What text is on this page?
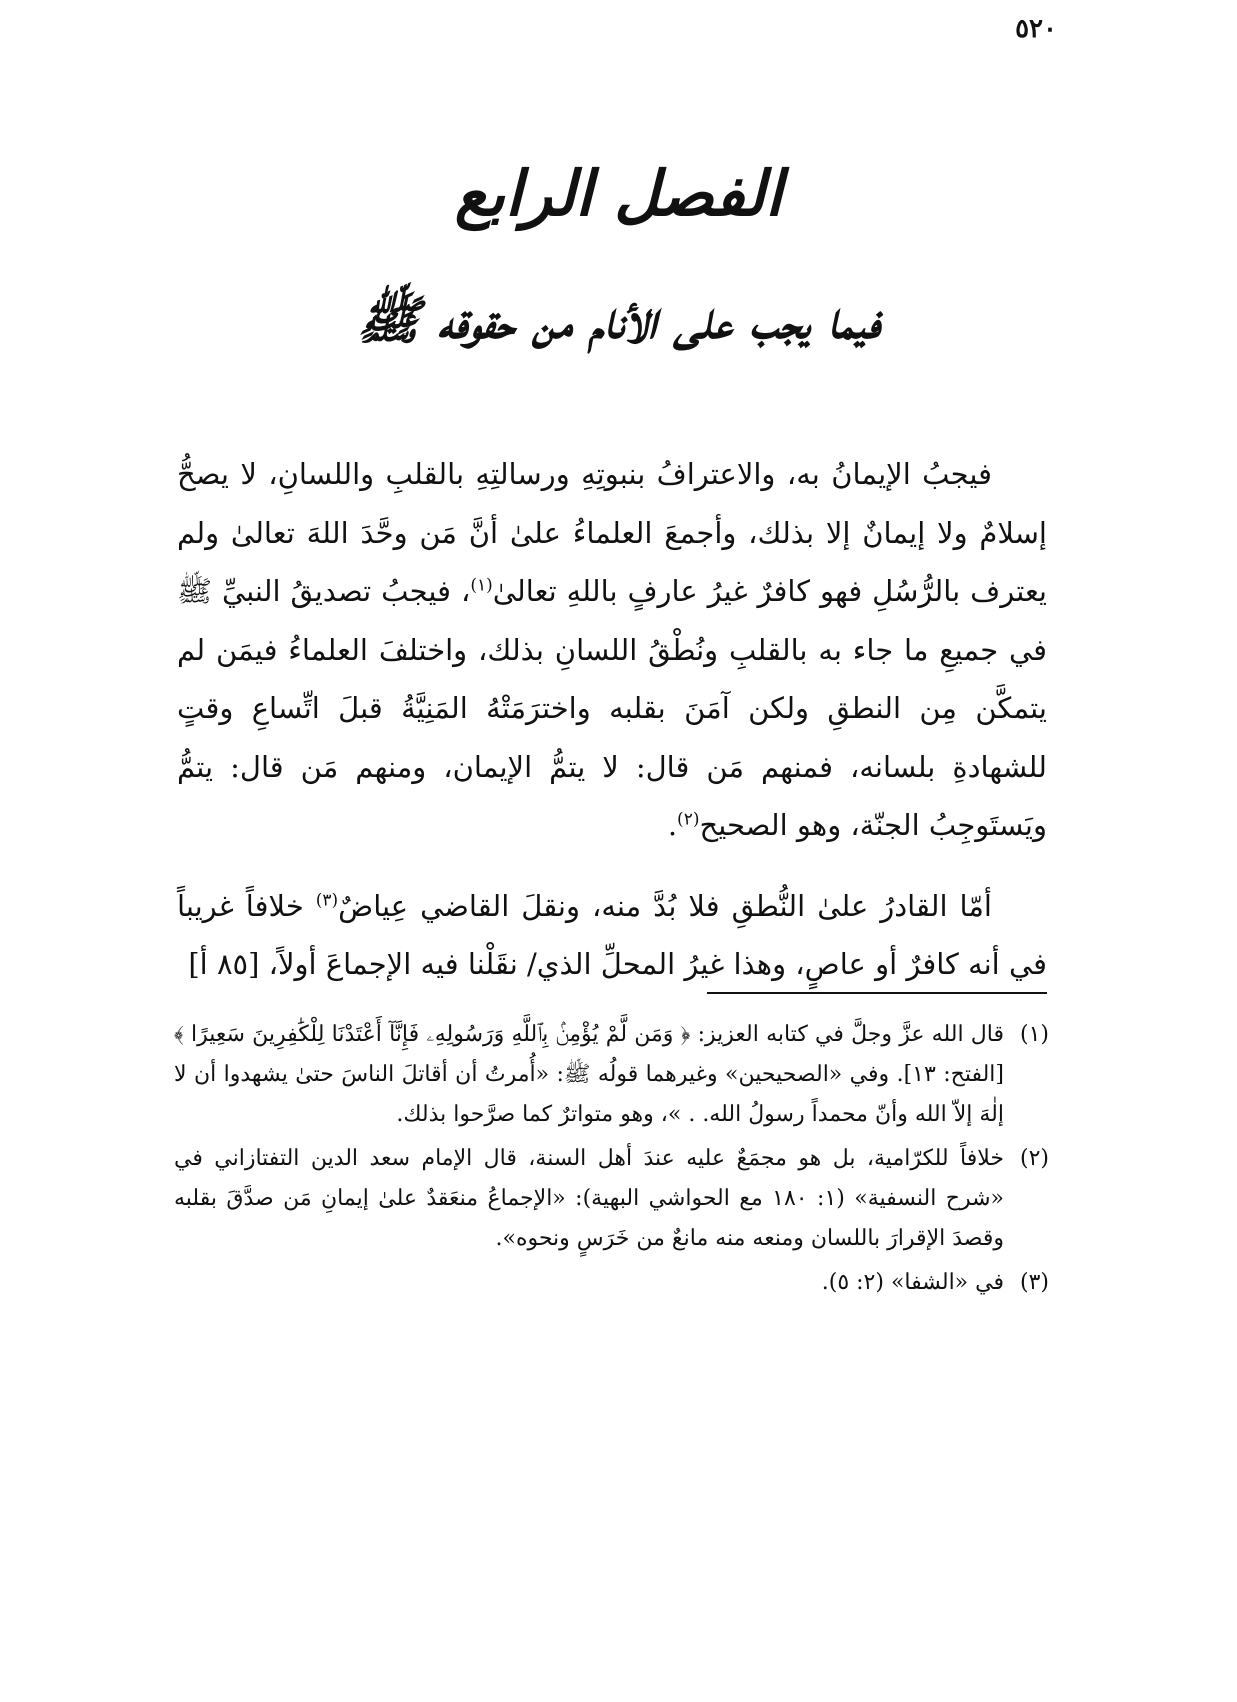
٥٢٠
الفصل الرابع
فيما يجب على الأنام من حقوقه ﷺ

فيجبُ الإيمانُ به، والاعترافُ بنبوتِهِ ورسالتِهِ بالقلبِ واللسانِ، لا يصحُّ إسلامٌ ولا إيمانٌ إلا بذلك، وأجمعَ العلماءُ علىٰ أنَّ مَن وحَّدَ اللهَ تعالىٰ ولم يعترف بالرُّسُلِ فهو كافرٌ غيرُ عارفٍ باللهِ تعالىٰ$^{(١)}$، فيجبُ تصديقُ النبيِّ ﷺ في جميعِ ما جاء به بالقلبِ ونُطْقُ اللسانِ بذلك، واختلفَ العلماءُ فيمَن لم يتمكَّن مِن النطقِ ولكن آمَنَ بقلبه واخترَمَتْهُ المَنِيَّةُ قبلَ اتِّساعِ وقتٍ للشهادةِ بلسانه، فمنهم مَن قال: لا يتمُّ الإيمان، ومنهم مَن قال: يتمُّ ويَستَوجِبُ الجنّة، وهو الصحيح$^{(٢)}$.

أمّا القادرُ علىٰ النُّطقِ فلا بُدَّ منه، ونقلَ القاضي عِياضٌ$^{(٣)}$ خلافاً غريباً في أنه كافرٌ أو عاصٍ، وهذا غيرُ المحلِّ الذي/ نقَلْنا فيه الإجماعَ أولاً، [٨٥ أ]

(١)
قال الله عزَّ وجلَّ في كتابه العزيز: ﴿ وَمَن لَّمْ يُؤْمِنۢ بِٱللَّهِ وَرَسُولِهِۦ فَإِنَّآ أَعْتَدْنَا لِلْكَٰفِرِينَ سَعِيرًا ﴾ [الفتح: ١٣]. وفي «الصحيحين» وغيرهما قولُه ﷺ: «أُمرتُ أن أقاتلَ الناسَ حتىٰ يشهدوا أن لا إلٰهَ إلاّ الله وأنّ محمداً رسولُ الله. . »، وهو متواترٌ كما صرَّحوا بذلك.

(٢)
خلافاً للكرّامية، بل هو مجمَعٌ عليه عندَ أهل السنة، قال الإمام سعد الدين التفتازاني في «شرح النسفية» (١: ١٨٠ مع الحواشي البهية): «الإجماعُ منعَقدٌ علىٰ إيمانِ مَن صدَّقَ بقلبه وقصدَ الإقرارَ باللسان ومنعه منه مانعٌ من خَرَسٍ ونحوه».

(٣)
في «الشفا» (٢: ٥).
